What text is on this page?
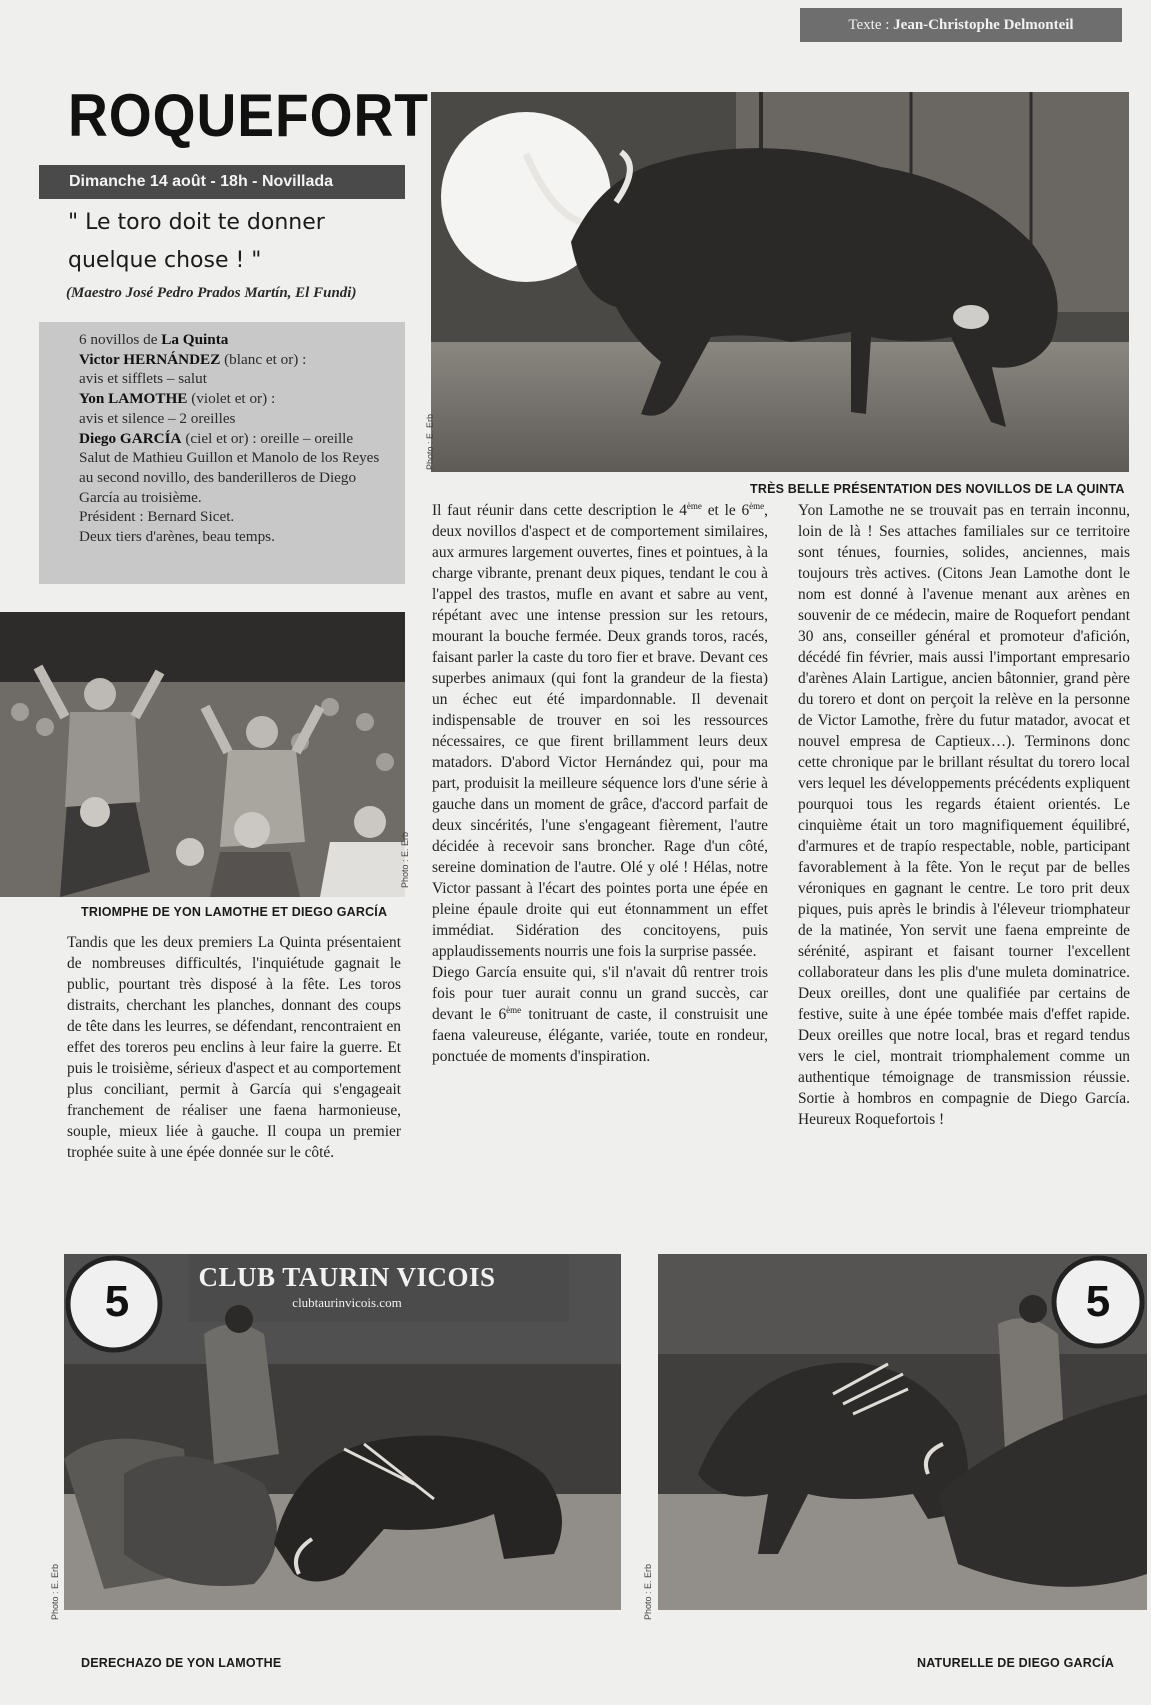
Texte : Jean-Christophe Delmonteil
ROQUEFORT
Dimanche 14 août - 18h - Novillada
" Le toro doit te donner
quelque chose ! "
(Maestro José Pedro Prados Martín, El Fundi)
6 novillos de La Quinta
Victor HERNÁNDEZ (blanc et or) :
avis et sifflets – salut
Yon LAMOTHE (violet et or) :
avis et silence – 2 oreilles
Diego GARCÍA (ciel et or) : oreille – oreille
Salut de Mathieu Guillon et Manolo de los Reyes au second novillo, des banderilleros de Diego García au troisième.
Président : Bernard Sicet.
Deux tiers d'arènes, beau temps.
Photo : E. Erb
TRÈS BELLE PRÉSENTATION DES NOVILLOS DE LA QUINTA
Photo : E. Erb
TRIOMPHE DE YON LAMOTHE ET DIEGO GARCÍA

Tandis que les deux premiers La Quinta présentaient de nombreuses difficultés, l'inquiétude gagnait le public, pourtant très disposé à la fête. Les toros distraits, cherchant les planches, donnant des coups de tête dans les leurres, se défendant, rencontraient en effet des toreros peu enclins à leur faire la guerre. Et puis le troisième, sérieux d'aspect et au comportement plus conciliant, permit à García qui s'engageait franchement de réaliser une faena harmonieuse, souple, mieux liée à gauche. Il coupa un premier trophée suite à une épée donnée sur le côté.

Il faut réunir dans cette description le 4ème et le 6ème, deux novillos d'aspect et de comportement similaires, aux armures largement ouvertes, fines et pointues, à la charge vibrante, prenant deux piques, tendant le cou à l'appel des trastos, mufle en avant et sabre au vent, répétant avec une intense pression sur les retours, mourant la bouche fermée. Deux grands toros, racés, faisant parler la caste du toro fier et brave. Devant ces superbes animaux (qui font la grandeur de la fiesta) un échec eut été impardonnable. Il devenait indispensable de trouver en soi les ressources nécessaires, ce que firent brillamment leurs deux matadors. D'abord Victor Hernández qui, pour ma part, produisit la meilleure séquence lors d'une série à gauche dans un moment de grâce, d'accord parfait de deux sincérités, l'une s'engageant fièrement, l'autre décidée à recevoir sans broncher. Rage d'un côté, sereine domination de l'autre. Olé y olé ! Hélas, notre Victor passant à l'écart des pointes porta une épée en pleine épaule droite qui eut étonnamment un effet immédiat. Sidération des concitoyens, puis applaudissements nourris une fois la surprise passée.

Diego García ensuite qui, s'il n'avait dû rentrer trois fois pour tuer aurait connu un grand succès, car devant le 6ème tonitruant de caste, il construisit une faena valeureuse, élégante, variée, toute en rondeur, ponctuée de moments d'inspiration.

Yon Lamothe ne se trouvait pas en terrain inconnu, loin de là ! Ses attaches familiales sur ce territoire sont ténues, fournies, solides, anciennes, mais toujours très actives. (Citons Jean Lamothe dont le nom est donné à l'avenue menant aux arènes en souvenir de ce médecin, maire de Roquefort pendant 30 ans, conseiller général et promoteur d'afición, décédé fin février, mais aussi l'important empresario d'arènes Alain Lartigue, ancien bâtonnier, grand père du torero et dont on perçoit la relève en la personne de Victor Lamothe, frère du futur matador, avocat et nouvel empresa de Captieux…). Terminons donc cette chronique par le brillant résultat du torero local vers lequel les développements précédents expliquent pourquoi tous les regards étaient orientés. Le cinquième était un toro magnifiquement équilibré, d'armures et de trapío respectable, noble, participant favorablement à la fête. Yon le reçut par de belles véroniques en gagnant le centre. Le toro prit deux piques, puis après le brindis à l'éleveur triomphateur de la matinée, Yon servit une faena empreinte de sérénité, aspirant et faisant tourner l'excellent collaborateur dans les plis d'une muleta dominatrice. Deux oreilles, dont une qualifiée par certains de festive, suite à une épée tombée mais d'effet rapide. Deux oreilles que notre local, bras et regard tendus vers le ciel, montrait triomphalement comme un authentique témoignage de transmission réussie. Sortie à hombros en compagnie de Diego García. Heureux Roquefortois !

CLUB TAURIN VICOIS
clubtaurinvicois.com
5
Photo : E. Erb
DERECHAZO DE YON LAMOTHE
5
Photo : E. Erb
NATURELLE DE DIEGO GARCÍA
